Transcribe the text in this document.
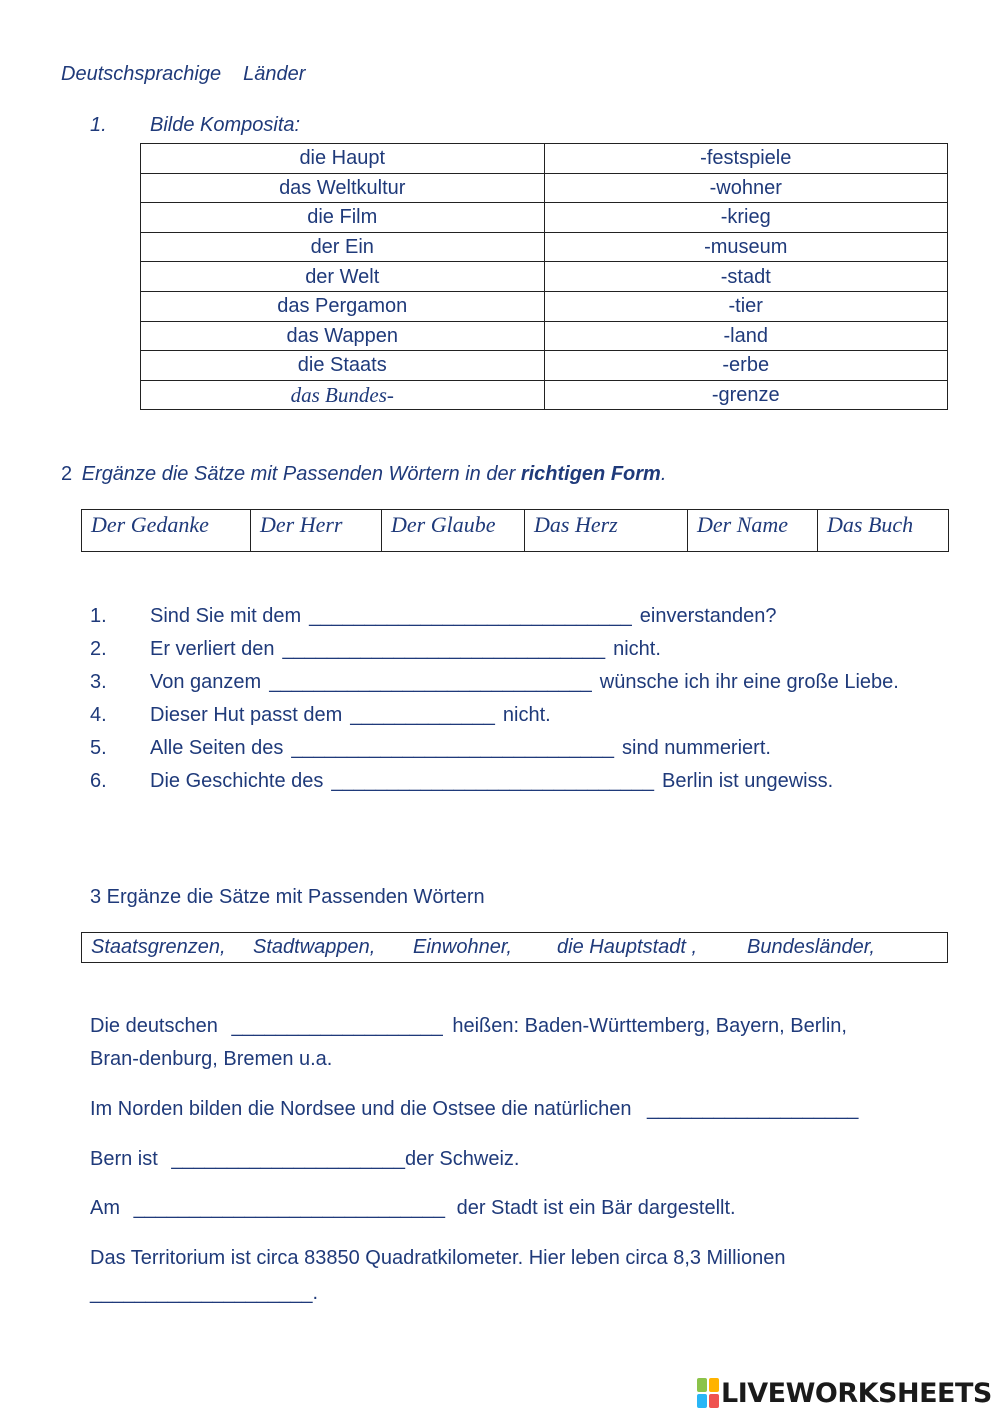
Deutschsprachige Länder
1. Bilde Komposita:
die Haupt	-festspiele
das Weltkultur	-wohner
die Film	-krieg
der Ein	-museum
der Welt	-stadt
das Pergamon	-tier
das Wappen	-land
die Staats	-erbe
das Bundes-	-grenze
2 Ergänze die Sätze mit Passenden Wörtern in der richtigen Form.
Der Gedanke	Der Herr	Der Glaube	Das Herz	Der Name	Das Buch
1. Sind Sie mit dem _____________________________ einverstanden?
2. Er verliert den _____________________________ nicht.
3. Von ganzem _____________________________ wünsche ich ihr eine große Liebe.
4. Dieser Hut passt dem _____________ nicht.
5. Alle Seiten des _____________________________ sind nummeriert.
6. Die Geschichte des _____________________________ Berlin ist ungewiss.
3 Ergänze die Sätze mit Passenden Wörtern
Staatsgrenzen, Stadtwappen, Einwohner, die Hauptstadt , Bundesländer,
Die deutschen ___________________ heißen: Baden-Württemberg, Bayern, Berlin,
Bran-denburg, Bremen u.a.
Im Norden bilden die Nordsee und die Ostsee die natürlichen ___________________
Bern ist _____________________der Schweiz.
Am ____________________________ der Stadt ist ein Bär dargestellt.
Das Territorium ist circa 83850 Quadratkilometer. Hier leben circa 8,3 Millionen
____________________.
LIVEWORKSHEETS
